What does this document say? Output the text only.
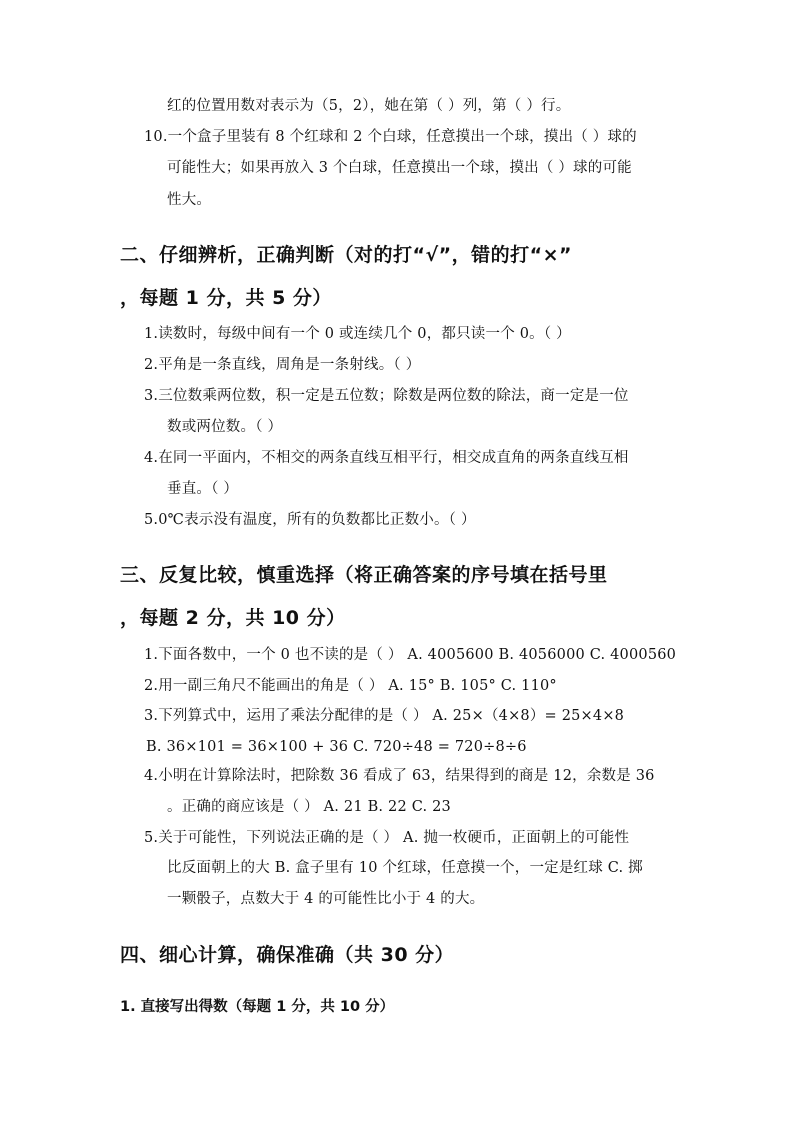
红的位置用数对表示为（5，2），她在第（ ）列，第（ ）行。
10.一个盒子里装有 8 个红球和 2 个白球，任意摸出一个球，摸出（ ）球的
可能性大；如果再放入 3 个白球，任意摸出一个球，摸出（ ）球的可能
性大。
二、仔细辨析，正确判断（对的打“√”，错的打“×”
，每题 1 分，共 5 分）
1.读数时，每级中间有一个 0 或连续几个 0，都只读一个 0。（ ）
2.平角是一条直线，周角是一条射线。（ ）
3.三位数乘两位数，积一定是五位数；除数是两位数的除法，商一定是一位
数或两位数。（ ）
4.在同一平面内，不相交的两条直线互相平行，相交成直角的两条直线互相
垂直。（ ）
5.0℃表示没有温度，所有的负数都比正数小。（ ）
三、反复比较，慎重选择（将正确答案的序号填在括号里
，每题 2 分，共 10 分）
1.下面各数中，一个 0 也不读的是（ ） A. 4005600 B. 4056000 C. 4000560
2.用一副三角尺不能画出的角是（ ） A. 15° B. 105° C. 110°
3.下列算式中，运用了乘法分配律的是（ ） A. 25×（4×8）= 25×4×8
B. 36×101 = 36×100 + 36 C. 720÷48 = 720÷8÷6
4.小明在计算除法时，把除数 36 看成了 63，结果得到的商是 12，余数是 36
。正确的商应该是（ ） A. 21 B. 22 C. 23
5.关于可能性，下列说法正确的是（ ） A. 抛一枚硬币，正面朝上的可能性
比反面朝上的大 B. 盒子里有 10 个红球，任意摸一个，一定是红球 C. 掷
一颗骰子，点数大于 4 的可能性比小于 4 的大。
四、细心计算，确保准确（共 30 分）
1. 直接写出得数（每题 1 分，共 10 分）
